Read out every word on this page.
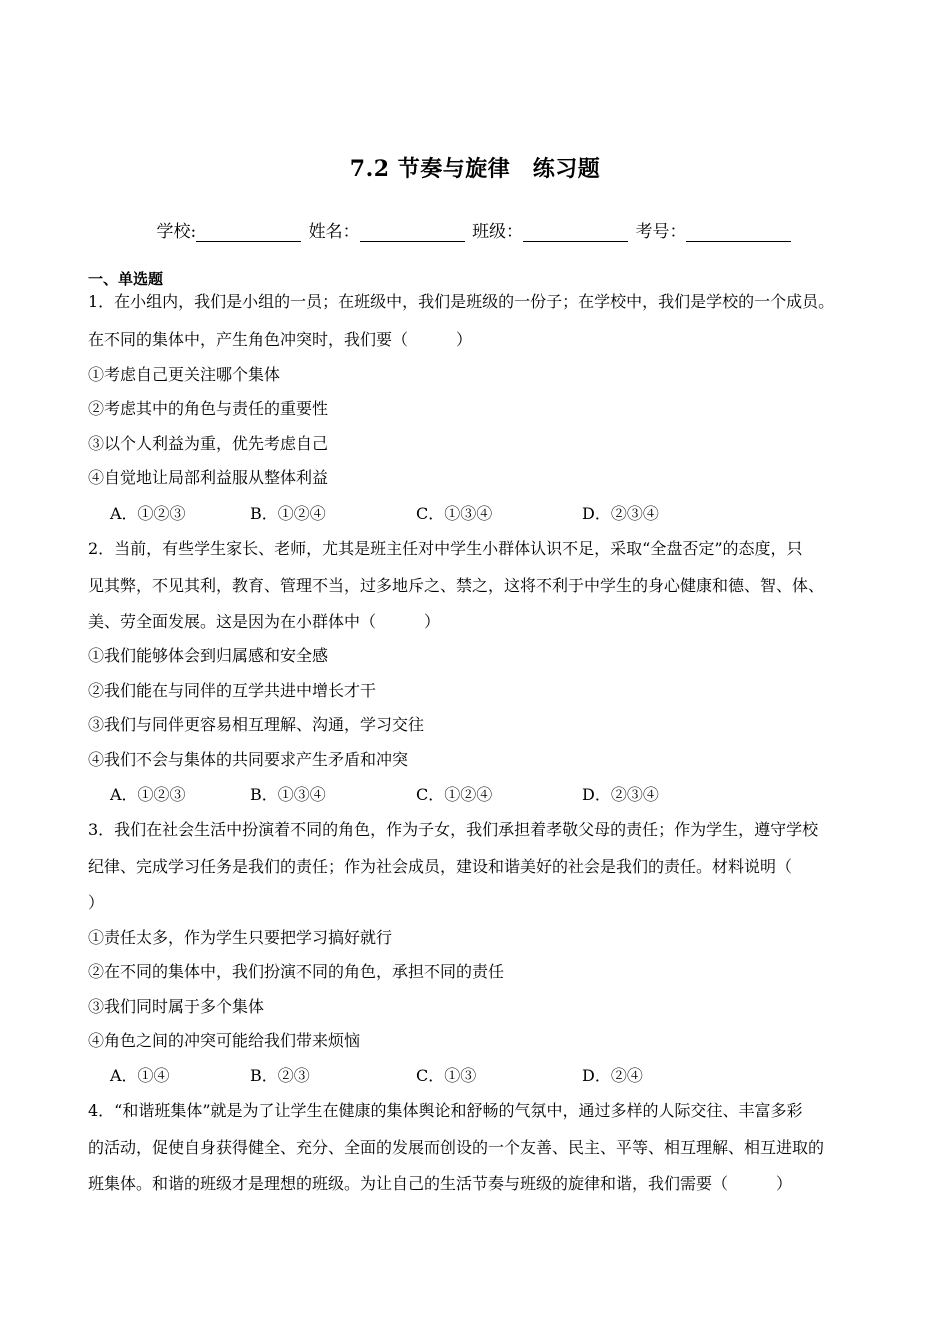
7.2 节奏与旋律　练习题
学校:	姓名：	班级：	考号：
一、单选题
1．在小组内，我们是小组的一员；在班级中，我们是班级的一份子；在学校中，我们是学校的一个成员。
在不同的集体中，产生角色冲突时，我们要（	）
①考虑自己更关注哪个集体
②考虑其中的角色与责任的重要性
③以个人利益为重，优先考虑自己
④自觉地让局部利益服从整体利益
A．①②③	B．①②④	C．①③④	D．②③④
2．当前，有些学生家长、老师，尤其是班主任对中学生小群体认识不足，采取“全盘否定”的态度，只
见其弊，不见其利，教育、管理不当，过多地斥之、禁之，这将不利于中学生的身心健康和德、智、体、
美、劳全面发展。这是因为在小群体中（	）
①我们能够体会到归属感和安全感
②我们能在与同伴的互学共进中增长才干
③我们与同伴更容易相互理解、沟通，学习交往
④我们不会与集体的共同要求产生矛盾和冲突
A．①②③	B．①③④	C．①②④	D．②③④
3．我们在社会生活中扮演着不同的角色，作为子女，我们承担着孝敬父母的责任；作为学生，遵守学校
纪律、完成学习任务是我们的责任；作为社会成员，建设和谐美好的社会是我们的责任。材料说明（
）
①责任太多，作为学生只要把学习搞好就行
②在不同的集体中，我们扮演不同的角色，承担不同的责任
③我们同时属于多个集体
④角色之间的冲突可能给我们带来烦恼
A．①④	B．②③	C．①③	D．②④
4．“和谐班集体”就是为了让学生在健康的集体舆论和舒畅的气氛中，通过多样的人际交往、丰富多彩
的活动，促使自身获得健全、充分、全面的发展而创设的一个友善、民主、平等、相互理解、相互进取的
班集体。和谐的班级才是理想的班级。为让自己的生活节奏与班级的旋律和谐，我们需要（	）
